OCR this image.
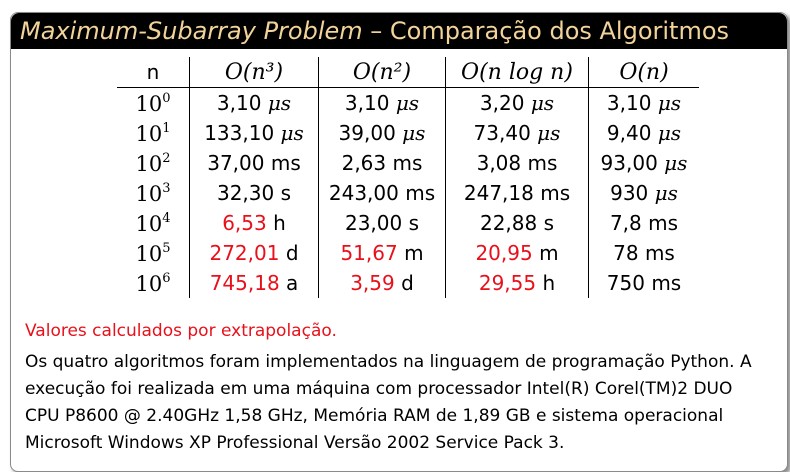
Maximum-Subarray Problem – Comparação dos Algoritmos
n	O(n³)	O(n²)	O(n log n)	O(n)
$10^0$	3,10 μs	3,10 μs	3,20 μs	3,10 μs
$10^1$	133,10 μs	39,00 μs	73,40 μs	9,40 μs
$10^2$	37,00 ms	2,63 ms	3,08 ms	93,00 μs
$10^3$	32,30 s	243,00 ms	247,18 ms	930 μs
$10^4$	6,53 h	23,00 s	22,88 s	7,8 ms
$10^5$	272,01 d	51,67 m	20,95 m	78 ms
$10^6$	745,18 a	3,59 d	29,55 h	750 ms
Valores calculados por extrapolação.
Os quatro algoritmos foram implementados na linguagem de programação Python. A execução foi realizada em uma máquina com processador Intel(R) Corel(TM)2 DUO CPU P8600 @ 2.40GHz 1,58 GHz, Memória RAM de 1,89 GB e sistema operacional Microsoft Windows XP Professional Versão 2002 Service Pack 3.
